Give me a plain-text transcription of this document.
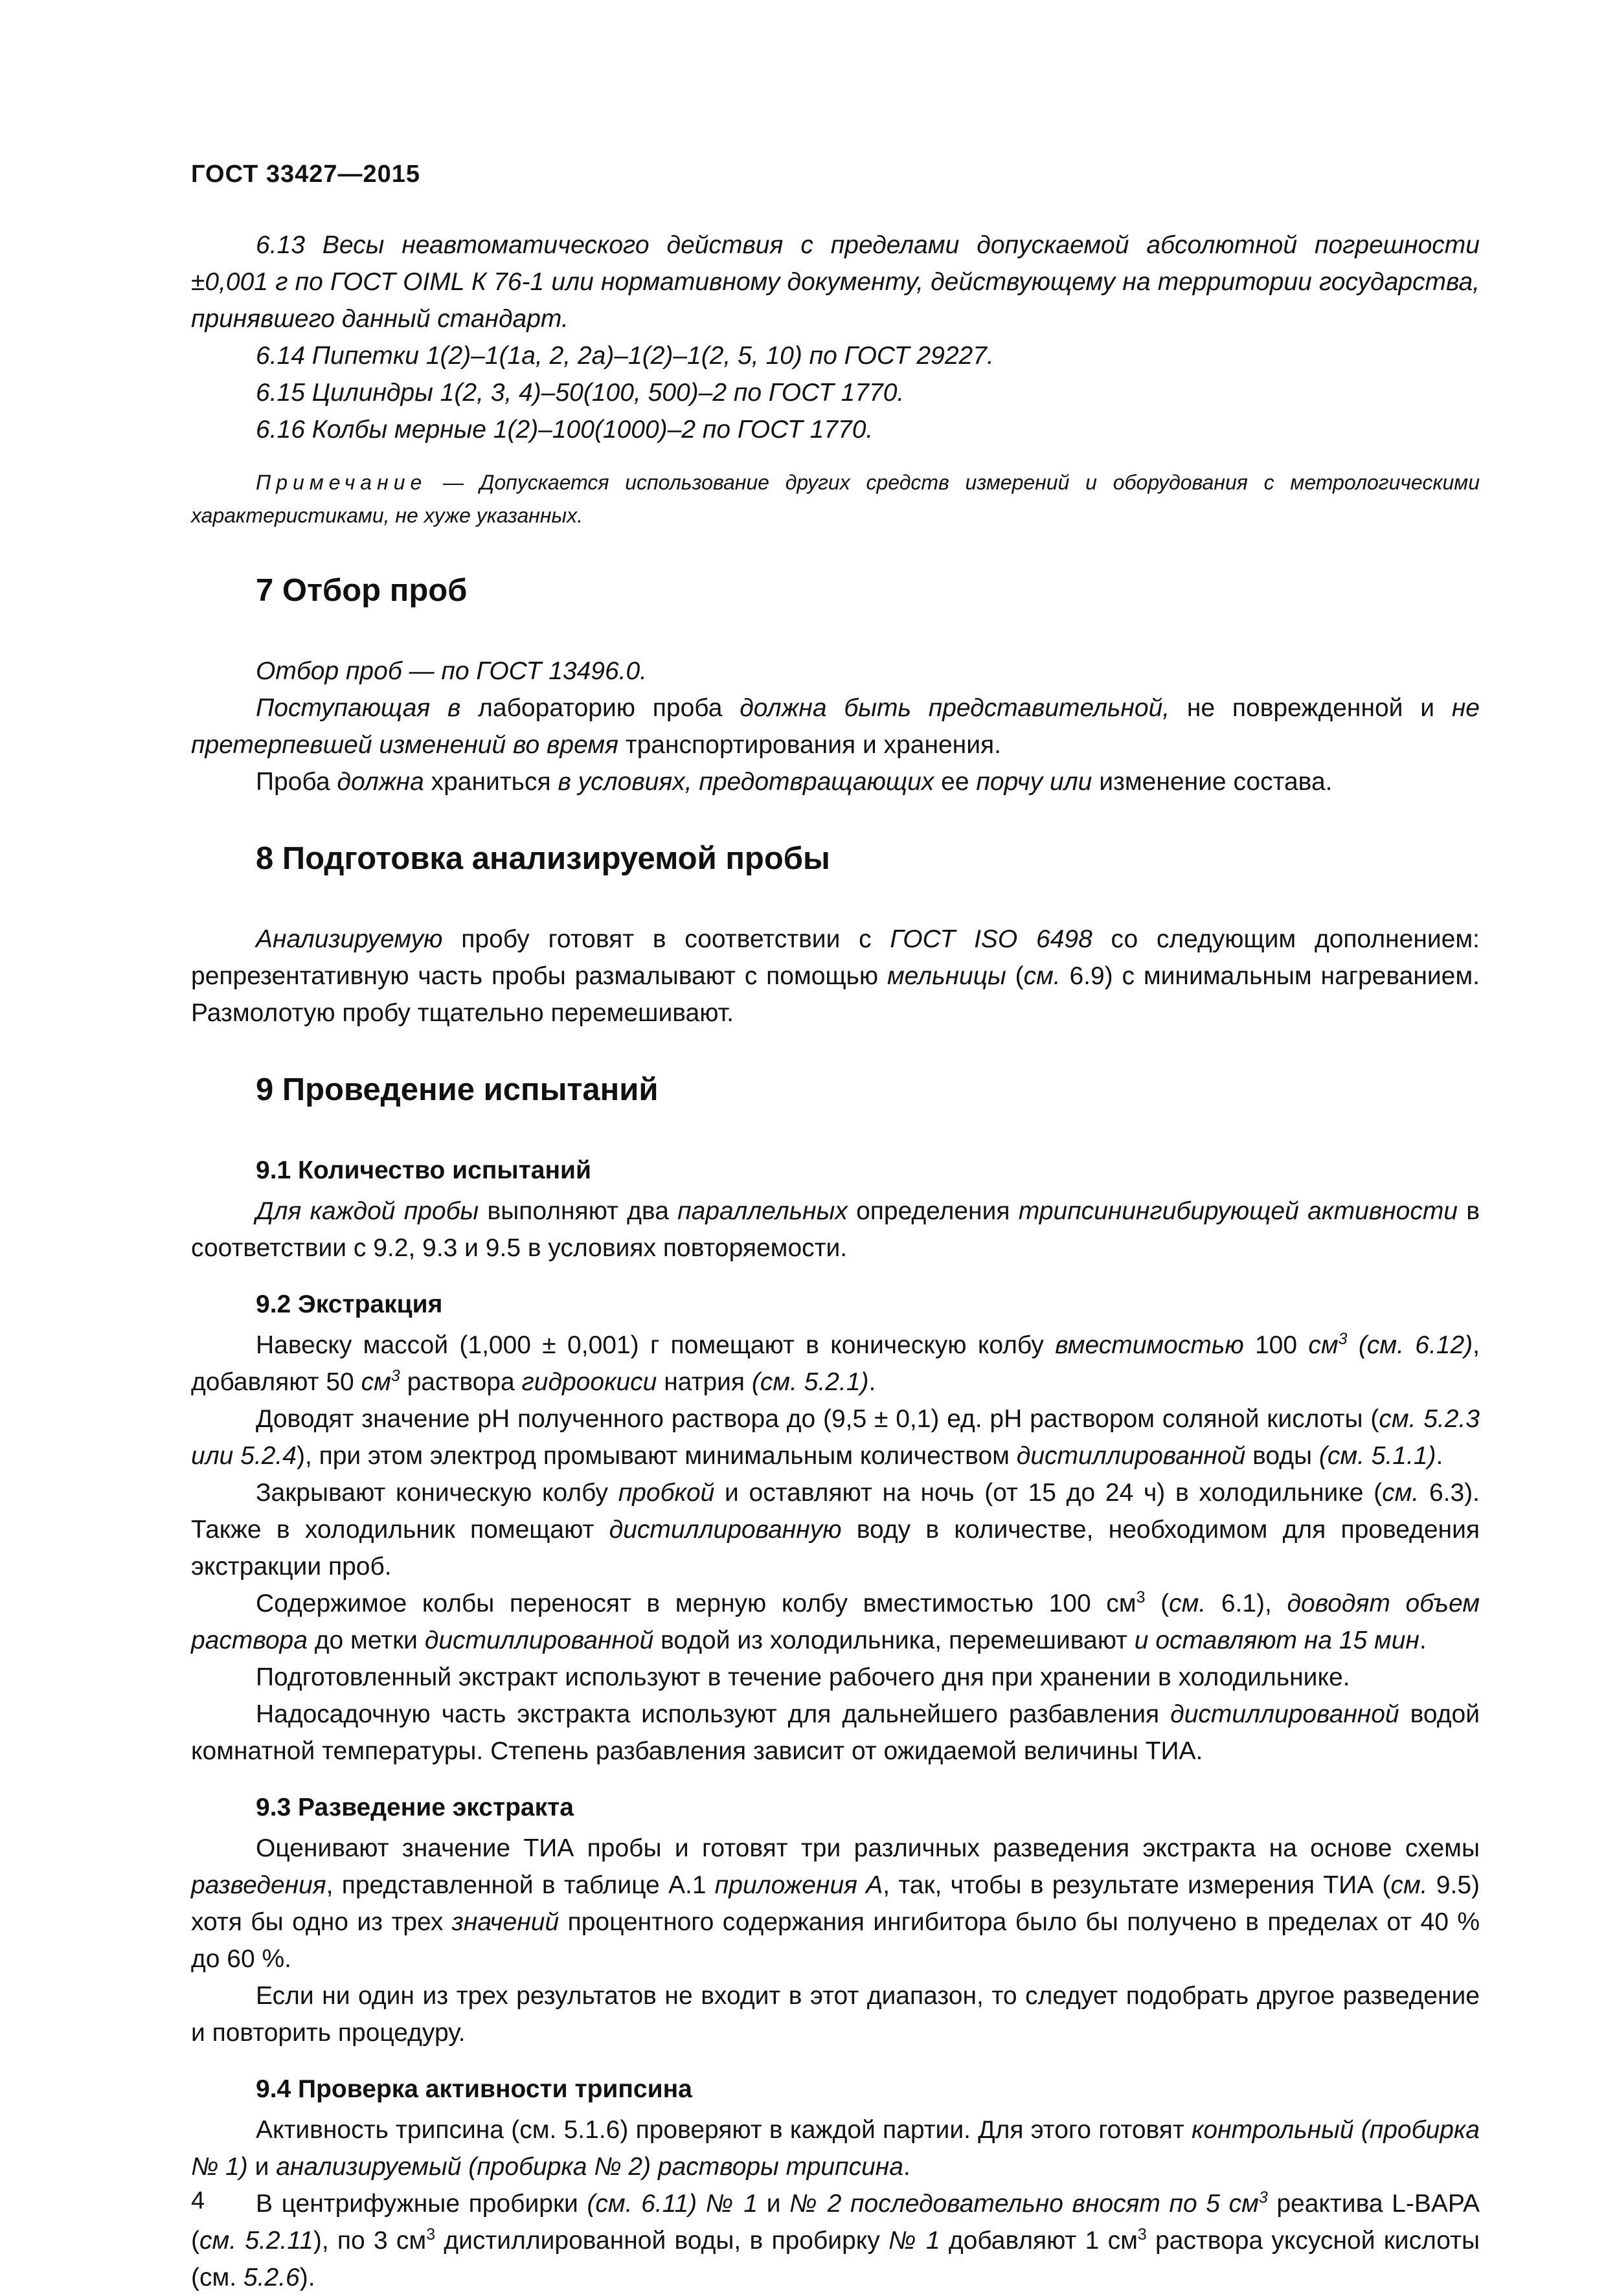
ГОСТ 33427—2015

6.13 Весы неавтоматического действия с пределами допускаемой абсолютной погрешности ±0,001 г по ГОСТ OIML К 76-1 или нормативному документу, действующему на территории государства, принявшего данный стандарт.

6.14 Пипетки 1(2)–1(1а, 2, 2а)–1(2)–1(2, 5, 10) по ГОСТ 29227.

6.15 Цилиндры 1(2, 3, 4)–50(100, 500)–2 по ГОСТ 1770.

6.16 Колбы мерные 1(2)–100(1000)–2 по ГОСТ 1770.

Примечание — Допускается использование других средств измерений и оборудования с метрологическими характеристиками, не хуже указанных.

7 Отбор проб

Отбор проб — по ГОСТ 13496.0.

Поступающая в лабораторию проба должна быть представительной, не поврежденной и не претерпевшей изменений во время транспортирования и хранения.

Проба должна храниться в условиях, предотвращающих ее порчу или изменение состава.

8 Подготовка анализируемой пробы

Анализируемую пробу готовят в соответствии с ГОСТ ISO 6498 со следующим дополнением: репрезентативную часть пробы размалывают с помощью мельницы (см. 6.9) с минимальным нагреванием. Размолотую пробу тщательно перемешивают.

9 Проведение испытаний
9.1 Количество испытаний

Для каждой пробы выполняют два параллельных определения трипсинингибирующей активности в соответствии с 9.2, 9.3 и 9.5 в условиях повторяемости.

9.2 Экстракция

Навеску массой (1,000 ± 0,001) г помещают в коническую колбу вместимостью 100 $см^3$ (см. 6.12), добавляют 50 $см^3$ раствора гидроокиси натрия (см. 5.2.1).

Доводят значение pH полученного раствора до (9,5 ± 0,1) ед. pH раствором соляной кислоты (см. 5.2.3 или 5.2.4), при этом электрод промывают минимальным количеством дистиллированной воды (см. 5.1.1).

Закрывают коническую колбу пробкой и оставляют на ночь (от 15 до 24 ч) в холодильнике (см. 6.3). Также в холодильник помещают дистиллированную воду в количестве, необходимом для проведения экстракции проб.

Содержимое колбы переносят в мерную колбу вместимостью 100 $см^3$ (см. 6.1), доводят объем раствора до метки дистиллированной водой из холодильника, перемешивают и оставляют на 15 мин.

Подготовленный экстракт используют в течение рабочего дня при хранении в холодильнике.

Надосадочную часть экстракта используют для дальнейшего разбавления дистиллированной водой комнатной температуры. Степень разбавления зависит от ожидаемой величины ТИА.

9.3 Разведение экстракта

Оценивают значение ТИА пробы и готовят три различных разведения экстракта на основе схемы разведения, представленной в таблице А.1 приложения А, так, чтобы в результате измерения ТИА (см. 9.5) хотя бы одно из трех значений процентного содержания ингибитора было бы получено в пределах от 40 % до 60 %.

Если ни один из трех результатов не входит в этот диапазон, то следует подобрать другое разведение и повторить процедуру.

9.4 Проверка активности трипсина

Активность трипсина (см. 5.1.6) проверяют в каждой партии. Для этого готовят контрольный (пробирка № 1) и анализируемый (пробирка № 2) растворы трипсина.

В центрифужные пробирки (см. 6.11) № 1 и № 2 последовательно вносят по 5 $см^3$ реактива L-BAPA (см. 5.2.11), по 3 $см^3$ дистиллированной воды, в пробирку № 1 добавляют 1 $см^3$ раствора уксусной кислоты (см. 5.2.6).

4
